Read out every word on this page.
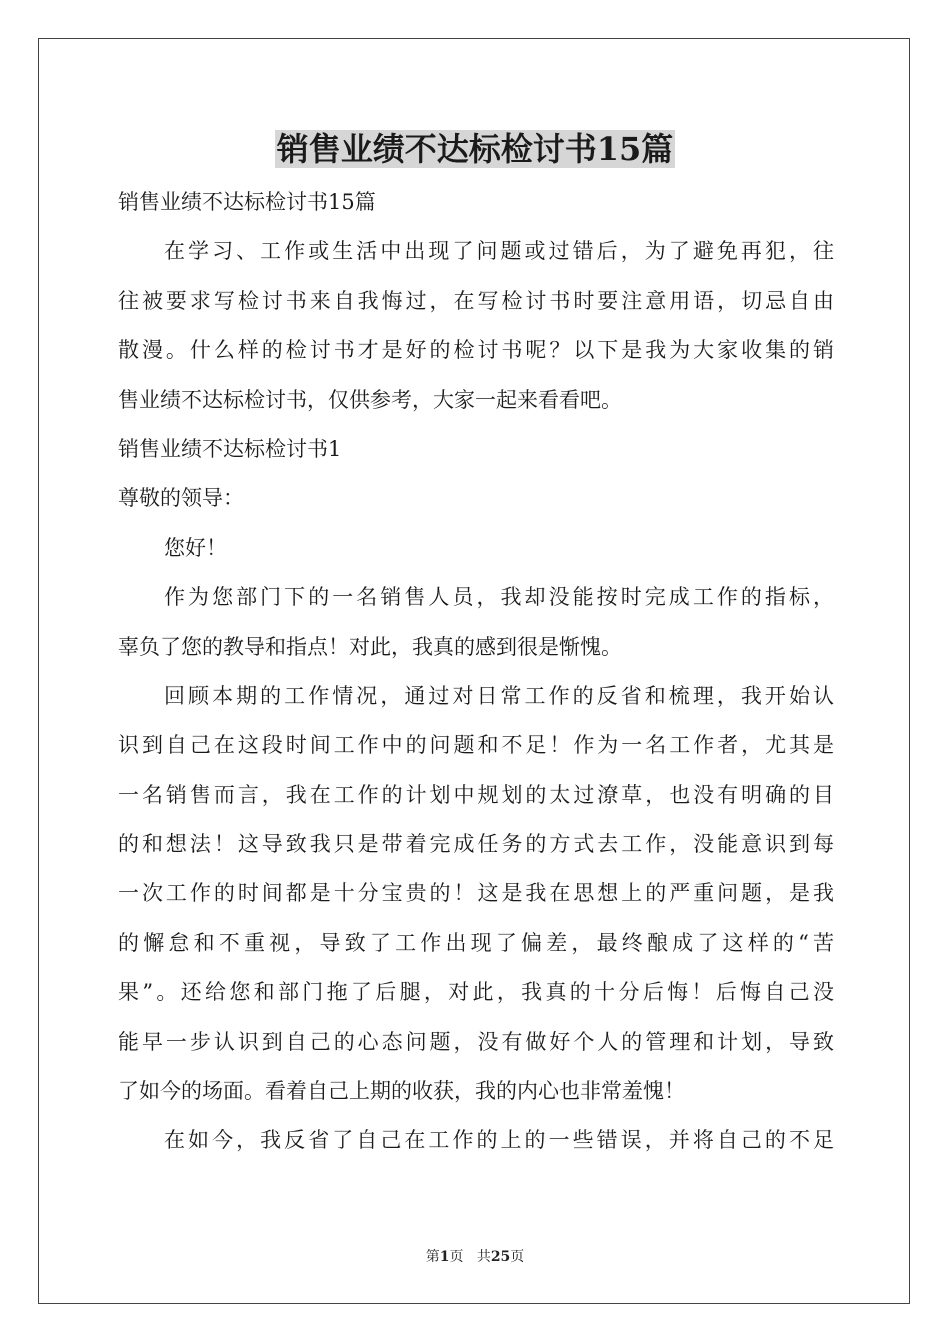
销售业绩不达标检讨书15篇

销售业绩不达标检讨书15篇

在学习、工作或生活中出现了问题或过错后，为了避免再犯，往

往被要求写检讨书来自我悔过，在写检讨书时要注意用语，切忌自由

散漫。什么样的检讨书才是好的检讨书呢？以下是我为大家收集的销

售业绩不达标检讨书，仅供参考，大家一起来看看吧。

销售业绩不达标检讨书1

尊敬的领导：

您好！

作为您部门下的一名销售人员，我却没能按时完成工作的指标，

辜负了您的教导和指点！对此，我真的感到很是惭愧。

回顾本期的工作情况，通过对日常工作的反省和梳理，我开始认

识到自己在这段时间工作中的问题和不足！作为一名工作者，尤其是

一名销售而言，我在工作的计划中规划的太过潦草，也没有明确的目

的和想法！这导致我只是带着完成任务的方式去工作，没能意识到每

一次工作的时间都是十分宝贵的！这是我在思想上的严重问题，是我

的懈怠和不重视，导致了工作出现了偏差，最终酿成了这样的“苦

果”。还给您和部门拖了后腿，对此，我真的十分后悔！后悔自己没

能早一步认识到自己的心态问题，没有做好个人的管理和计划，导致

了如今的场面。看着自己上期的收获，我的内心也非常羞愧！

在如今，我反省了自己在工作的上的一些错误，并将自己的不足

第1页 共25页
